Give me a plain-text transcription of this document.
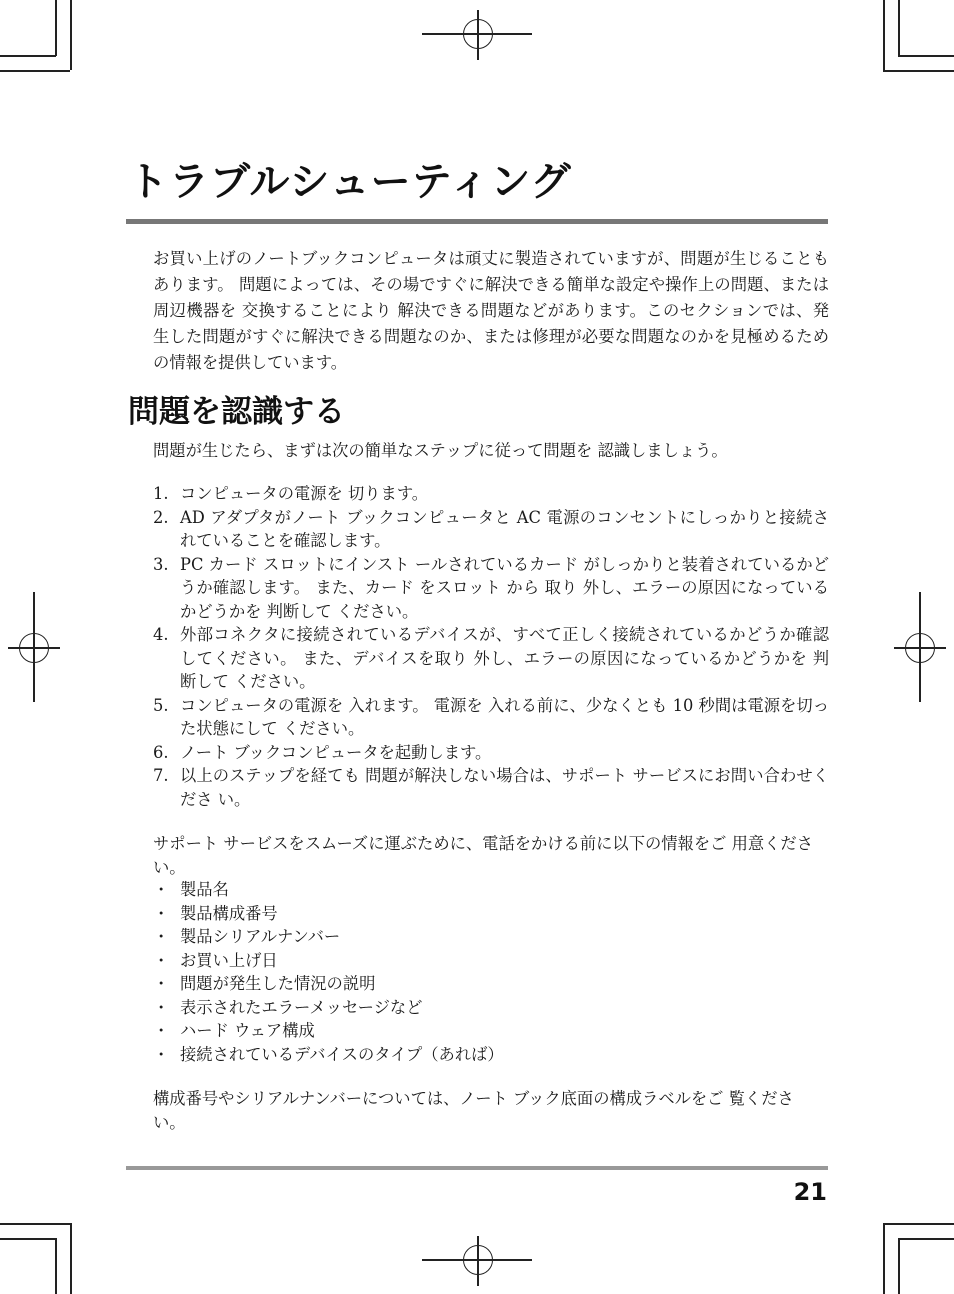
トラブルシューティング

お買い上げのノートブックコンピュータは頑丈に製造されていますが、問題が生じることもあります。 問題によっては、その場ですぐに解決できる簡単な設定や操作上の問題、または周辺機器を 交換することにより 解決できる問題などがあります。このセクションでは、発生した問題がすぐに解決できる問題なのか、または修理が必要な問題なのかを見極めるための情報を提供しています。

問題を認識する

問題が生じたら、まずは次の簡単なステップに従って問題を 認識しましょう。

1. コンピュータの電源を 切ります。
2. AD アダプタがノート ブックコンピュータと AC 電源のコンセントにしっかりと接続されていることを確認します。
3. PC カード スロットにインスト ールされているカード がしっかりと装着されているかどうか確認します。 また、カード をスロット から 取り 外し、エラーの原因になっているかどうかを 判断して ください。
4. 外部コネクタに接続されているデバイスが、すべて正しく接続されているかどうか確認してください。 また、デバイスを取り 外し、エラーの原因になっているかどうかを 判断して ください。
5. コンピュータの電源を 入れます。 電源を 入れる前に、少なくとも 10 秒間は電源を切った状態にして ください。
6. ノート ブックコンピュータを起動します。
7. 以上のステップを経ても 問題が解決しない場合は、サポート サービスにお問い合わせく ださ い。

サポート サービスをスムーズに運ぶために、電話をかける前に以下の情報をご 用意くださ い。

・ 製品名
・ 製品構成番号
・ 製品シリアルナンバー
・ お買い上げ日
・ 問題が発生した情況の説明
・ 表示されたエラーメッセージなど
・ ハード ウェア構成
・ 接続されているデバイスのタイプ（あれば）

構成番号やシリアルナンバーについては、ノート ブック底面の構成ラベルをご 覧くださ い。

21
